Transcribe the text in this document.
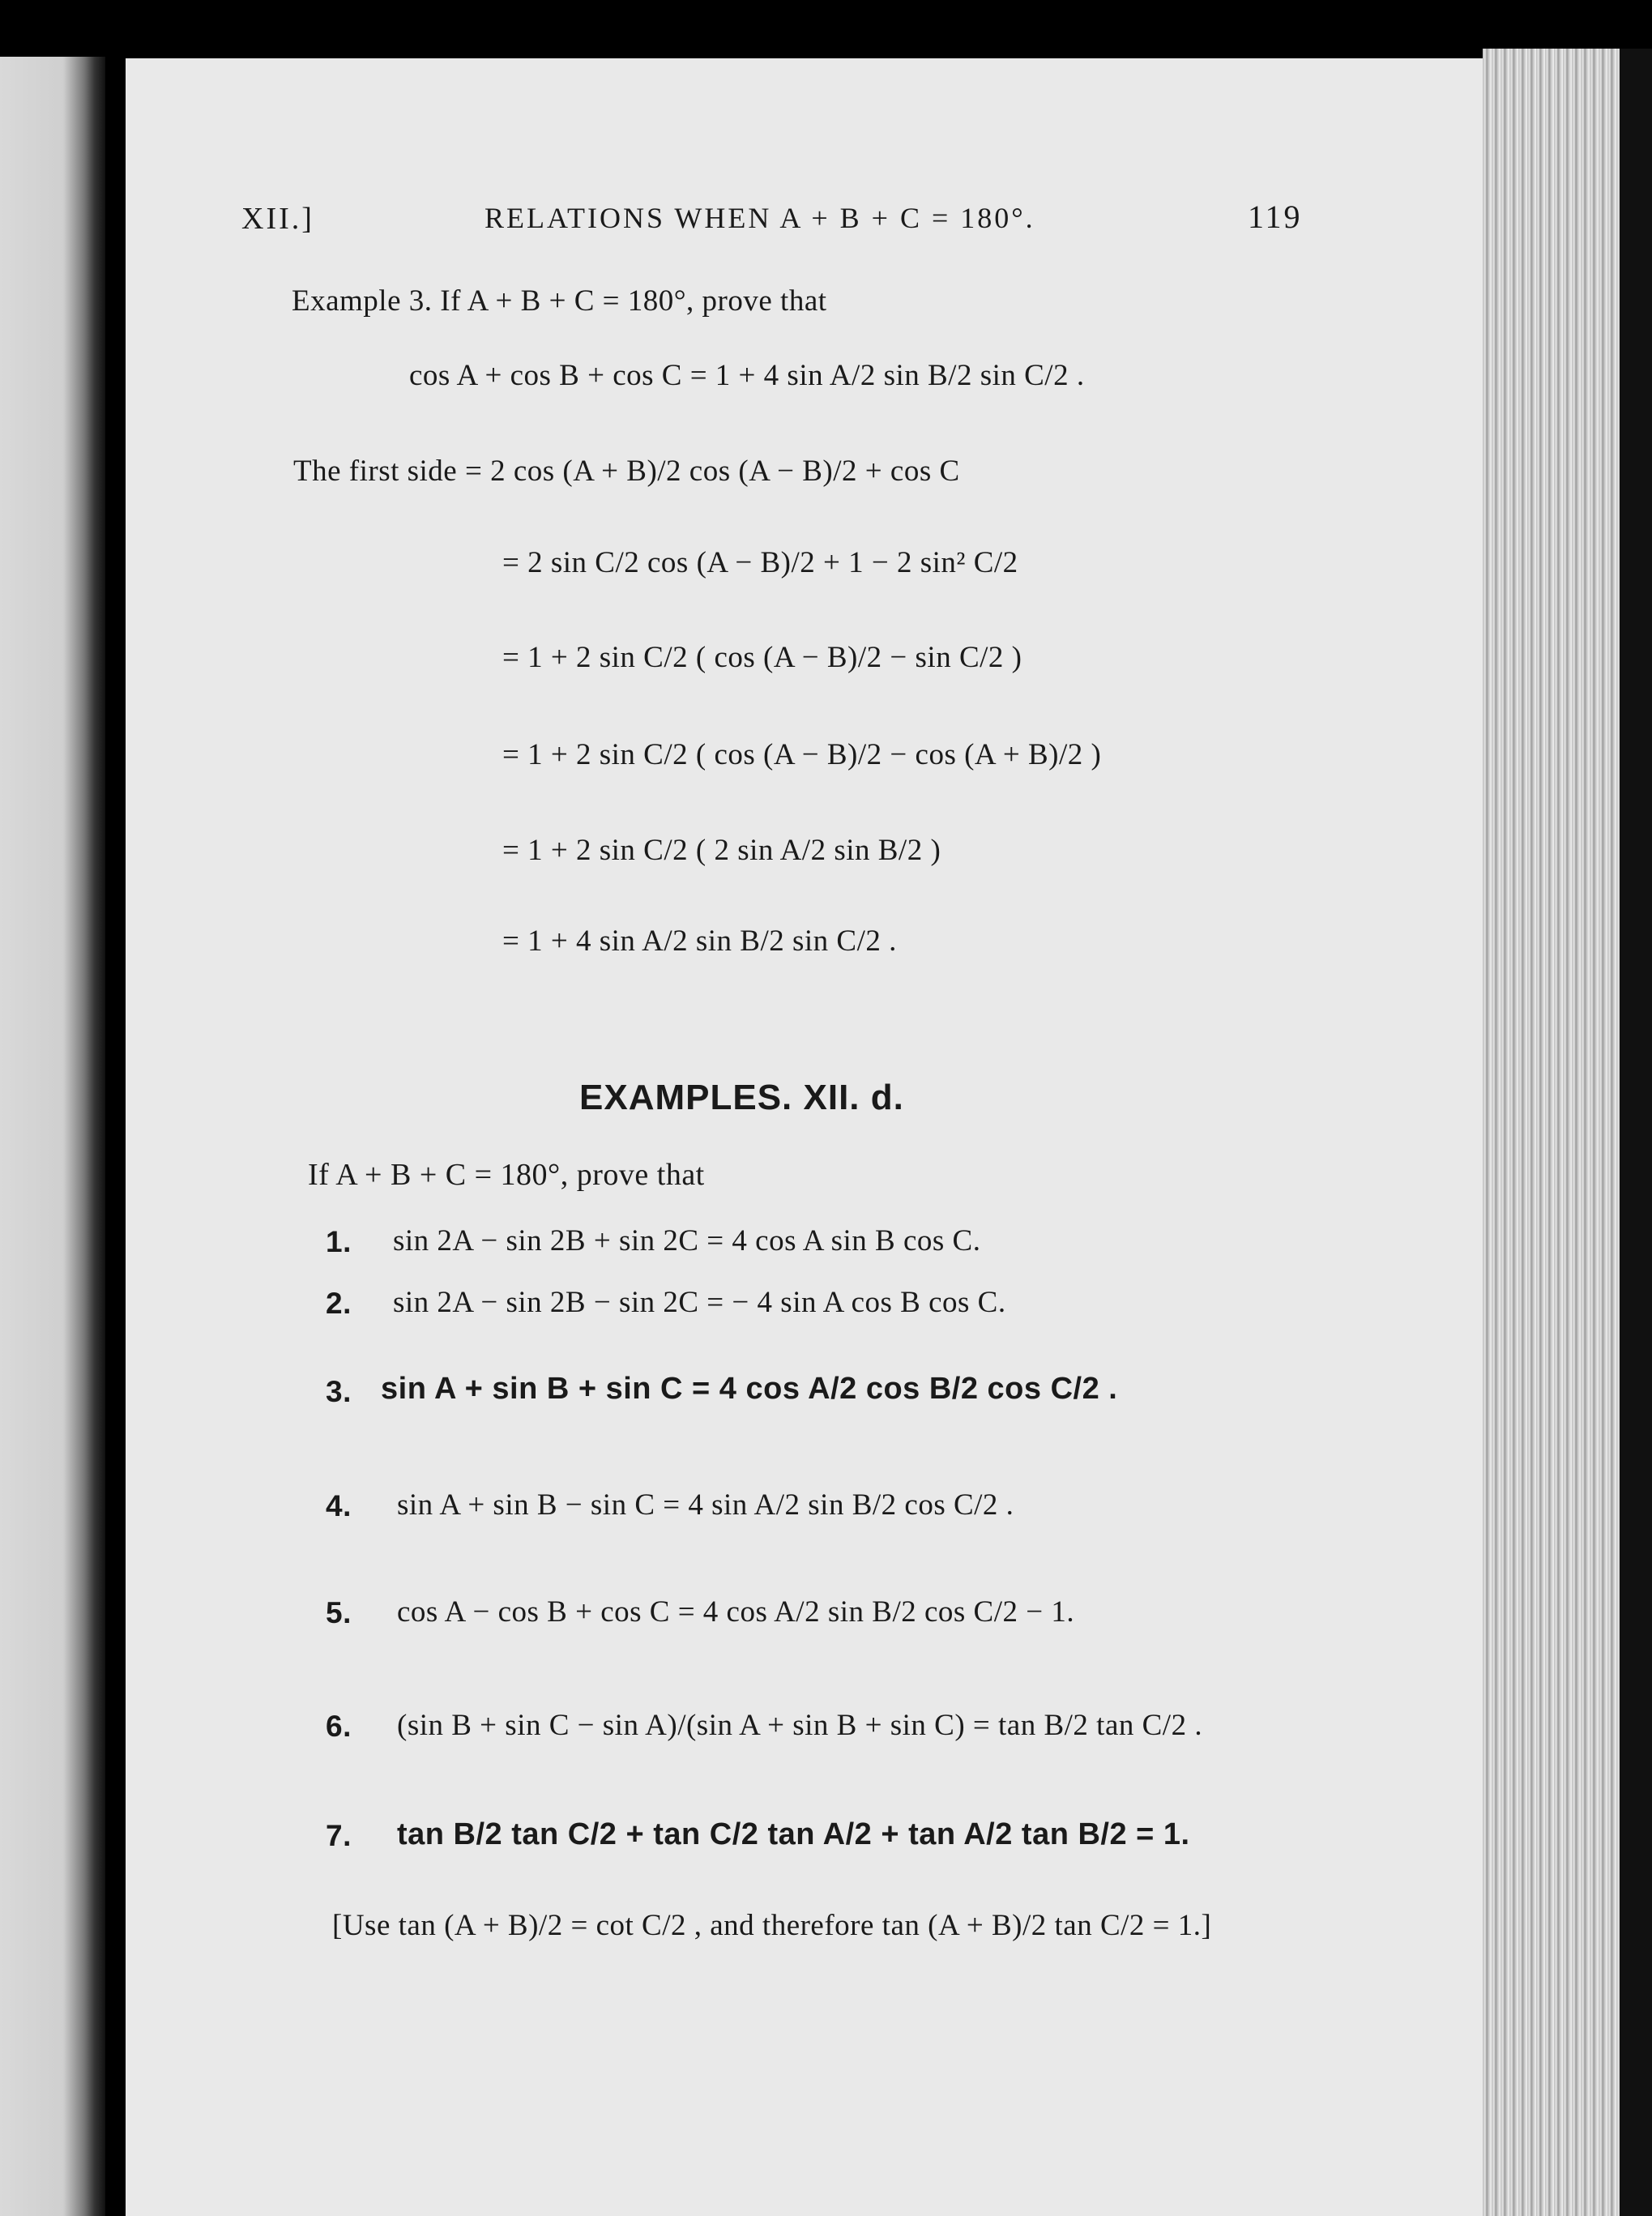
XII.]	RELATIONS WHEN A + B + C = 180°.	119
Example 3. If A + B + C = 180°, prove that
cos A + cos B + cos C = 1 + 4 sin A/2 sin B/2 sin C/2 .
The first side = 2 cos (A + B)/2 cos (A − B)/2 + cos C
= 2 sin C/2 cos (A − B)/2 + 1 − 2 sin² C/2
= 1 + 2 sin C/2 ( cos (A − B)/2 − sin C/2 )
= 1 + 2 sin C/2 ( cos (A − B)/2 − cos (A + B)/2 )
= 1 + 2 sin C/2 ( 2 sin A/2 sin B/2 )
= 1 + 4 sin A/2 sin B/2 sin C/2 .
EXAMPLES. XII. d.
If A + B + C = 180°, prove that
1. sin 2A − sin 2B + sin 2C = 4 cos A sin B cos C.
2. sin 2A − sin 2B − sin 2C = − 4 sin A cos B cos C.
3. sin A + sin B + sin C = 4 cos A/2 cos B/2 cos C/2 .
4. sin A + sin B − sin C = 4 sin A/2 sin B/2 cos C/2 .
5. cos A − cos B + cos C = 4 cos A/2 sin B/2 cos C/2 − 1.
6. (sin B + sin C − sin A)/(sin A + sin B + sin C) = tan B/2 tan C/2 .
7. tan B/2 tan C/2 + tan C/2 tan A/2 + tan A/2 tan B/2 = 1.
[Use tan (A + B)/2 = cot C/2 , and therefore tan (A + B)/2 tan C/2 = 1.]
